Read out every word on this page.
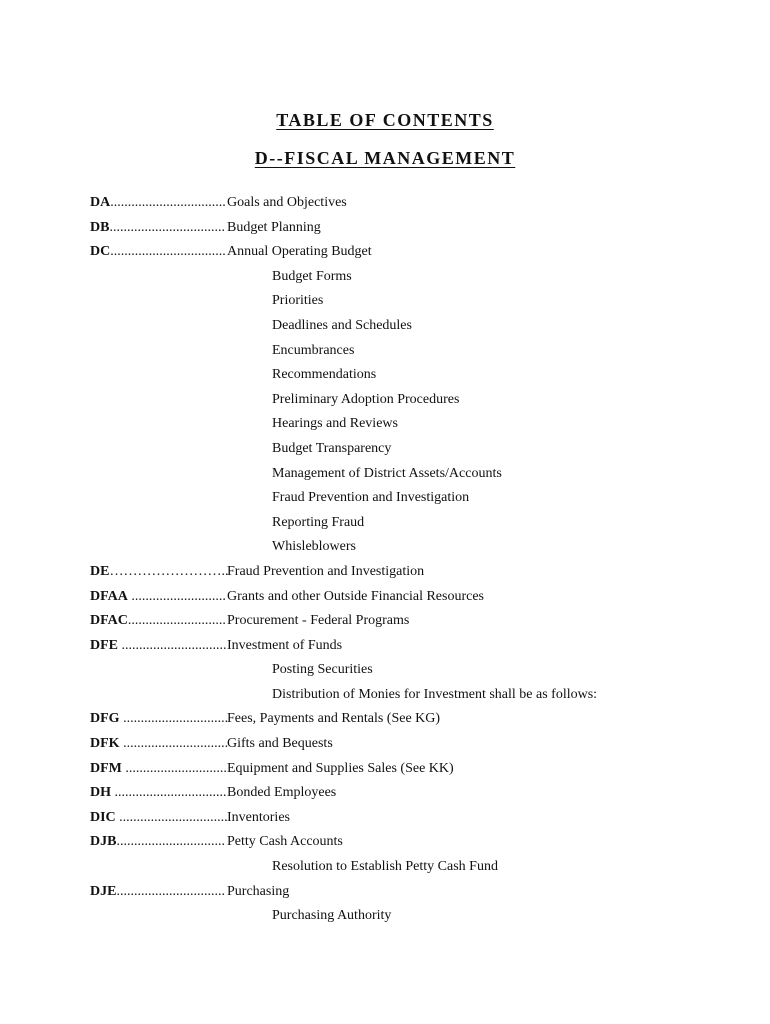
TABLE OF CONTENTS
D--FISCAL MANAGEMENT
DA.................................Goals and Objectives
DB................................. Budget Planning
DC.................................Annual Operating Budget
Budget Forms
Priorities
Deadlines and Schedules
Encumbrances
Recommendations
Preliminary Adoption Procedures
Hearings and Reviews
Budget Transparency
Management of District Assets/Accounts
Fraud Prevention and Investigation
Reporting Fraud
Whisleblowers
DE……………………..Fraud Prevention and Investigation
DFAA ...........................Grants and other Outside Financial Resources
DFAC............................Procurement - Federal Programs
DFE ..............................Investment of Funds
Posting Securities
Distribution of Monies for Investment shall be as follows:
DFG ..............................Fees, Payments and Rentals (See KG)
DFK ..............................Gifts and Bequests
DFM .............................Equipment and Supplies Sales (See KK)
DH ................................Bonded Employees
DIC ...............................Inventories
DJB............................... Petty Cash Accounts
Resolution to Establish Petty Cash Fund
DJE............................... Purchasing
Purchasing Authority
